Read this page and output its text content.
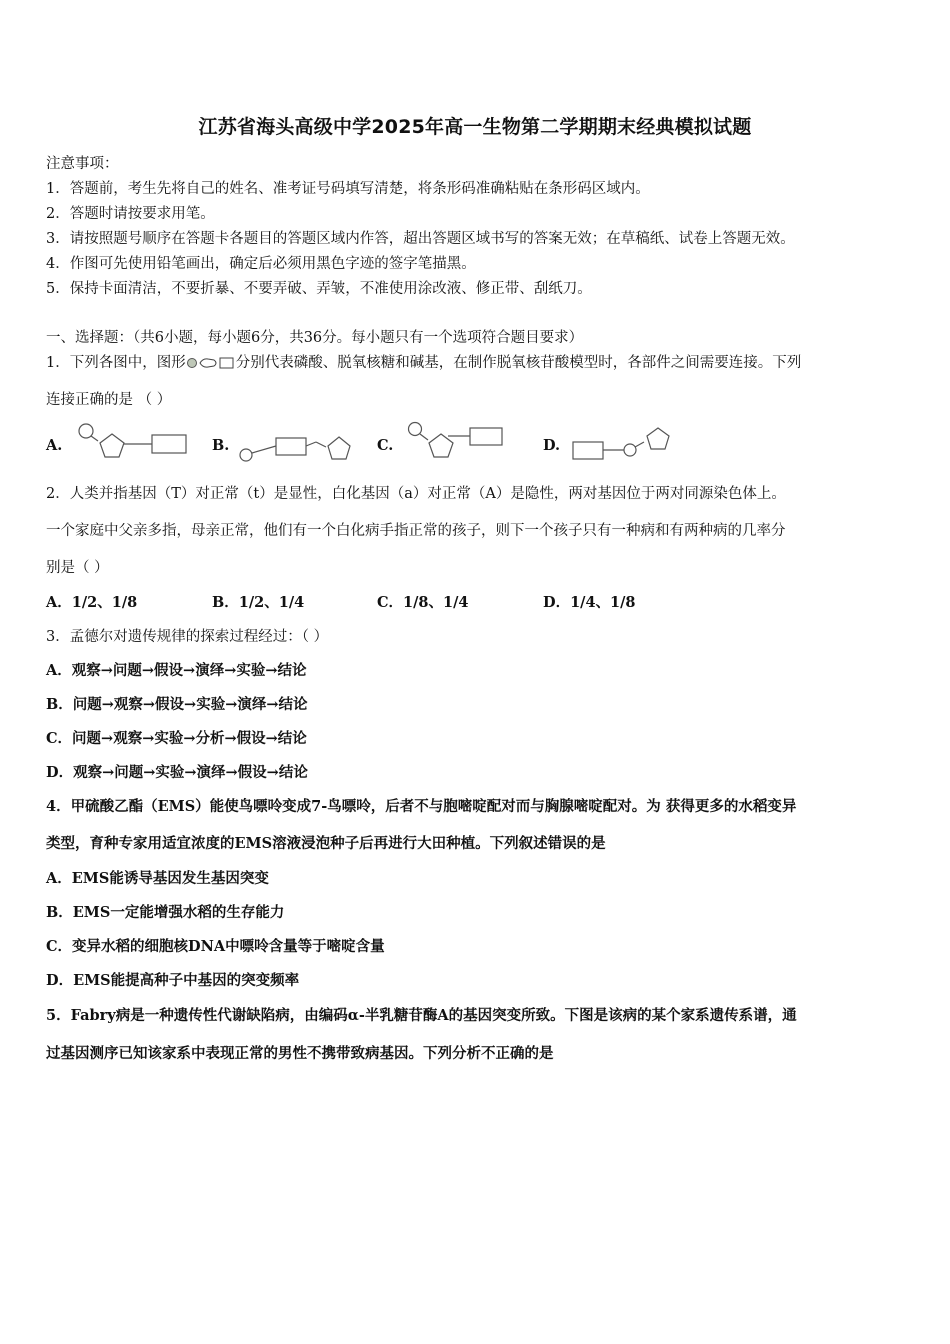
江苏省海头高级中学2025年高一生物第二学期期末经典模拟试题
注意事项：
1．答题前，考生先将自己的姓名、准考证号码填写清楚，将条形码准确粘贴在条形码区域内。
2．答题时请按要求用笔。
3．请按照题号顺序在答题卡各题目的答题区域内作答，超出答题区域书写的答案无效；在草稿纸、试卷上答题无效。
4．作图可先使用铅笔画出，确定后必须用黑色字迹的签字笔描黑。
5．保持卡面清洁，不要折暴、不要弄破、弄皱，不准使用涂改液、修正带、刮纸刀。
一、选择题：（共6小题，每小题6分，共36分。每小题只有一个选项符合题目要求）
1．下列各图中，图形	分别代表磷酸、脱氧核糖和碱基，在制作脱氧核苷酸模型时，各部件之间需要连接。下列
连接正确的是 （ ）
A.	B.	C.	D.
2．人类并指基因（T）对正常（t）是显性，白化基因（a）对正常（A）是隐性，两对基因位于两对同源染色体上。
一个家庭中父亲多指，母亲正常，他们有一个白化病手指正常的孩子，则下一个孩子只有一种病和有两种病的几率分
别是（ ）
A．1/2、1/8	B．1/2、1/4	C．1/8、1/4	D．1/4、1/8
3．孟德尔对遗传规律的探索过程经过：（ ）
A．观察→问题→假设→演绎→实验→结论
B．问题→观察→假设→实验→演绎→结论
C．问题→观察→实验→分析→假设→结论
D．观察→问题→实验→演绎→假设→结论
4．甲硫酸乙酯（EMS）能使鸟嘌呤变成7-鸟嘌呤，后者不与胞嘧啶配对而与胸腺嘧啶配对。为 获得更多的水稻变异
类型，育种专家用适宜浓度的EMS溶液浸泡种子后再进行大田种植。下列叙述错误的是
A．EMS能诱导基因发生基因突变
B．EMS一定能增强水稻的生存能力
C．变异水稻的细胞核DNA中嘌呤含量等于嘧啶含量
D．EMS能提高种子中基因的突变频率
5．Fabry病是一种遗传性代谢缺陷病，由编码α-半乳糖苷酶A的基因突变所致。下图是该病的某个家系遗传系谱，通
过基因测序已知该家系中表现正常的男性不携带致病基因。下列分析不正确的是
